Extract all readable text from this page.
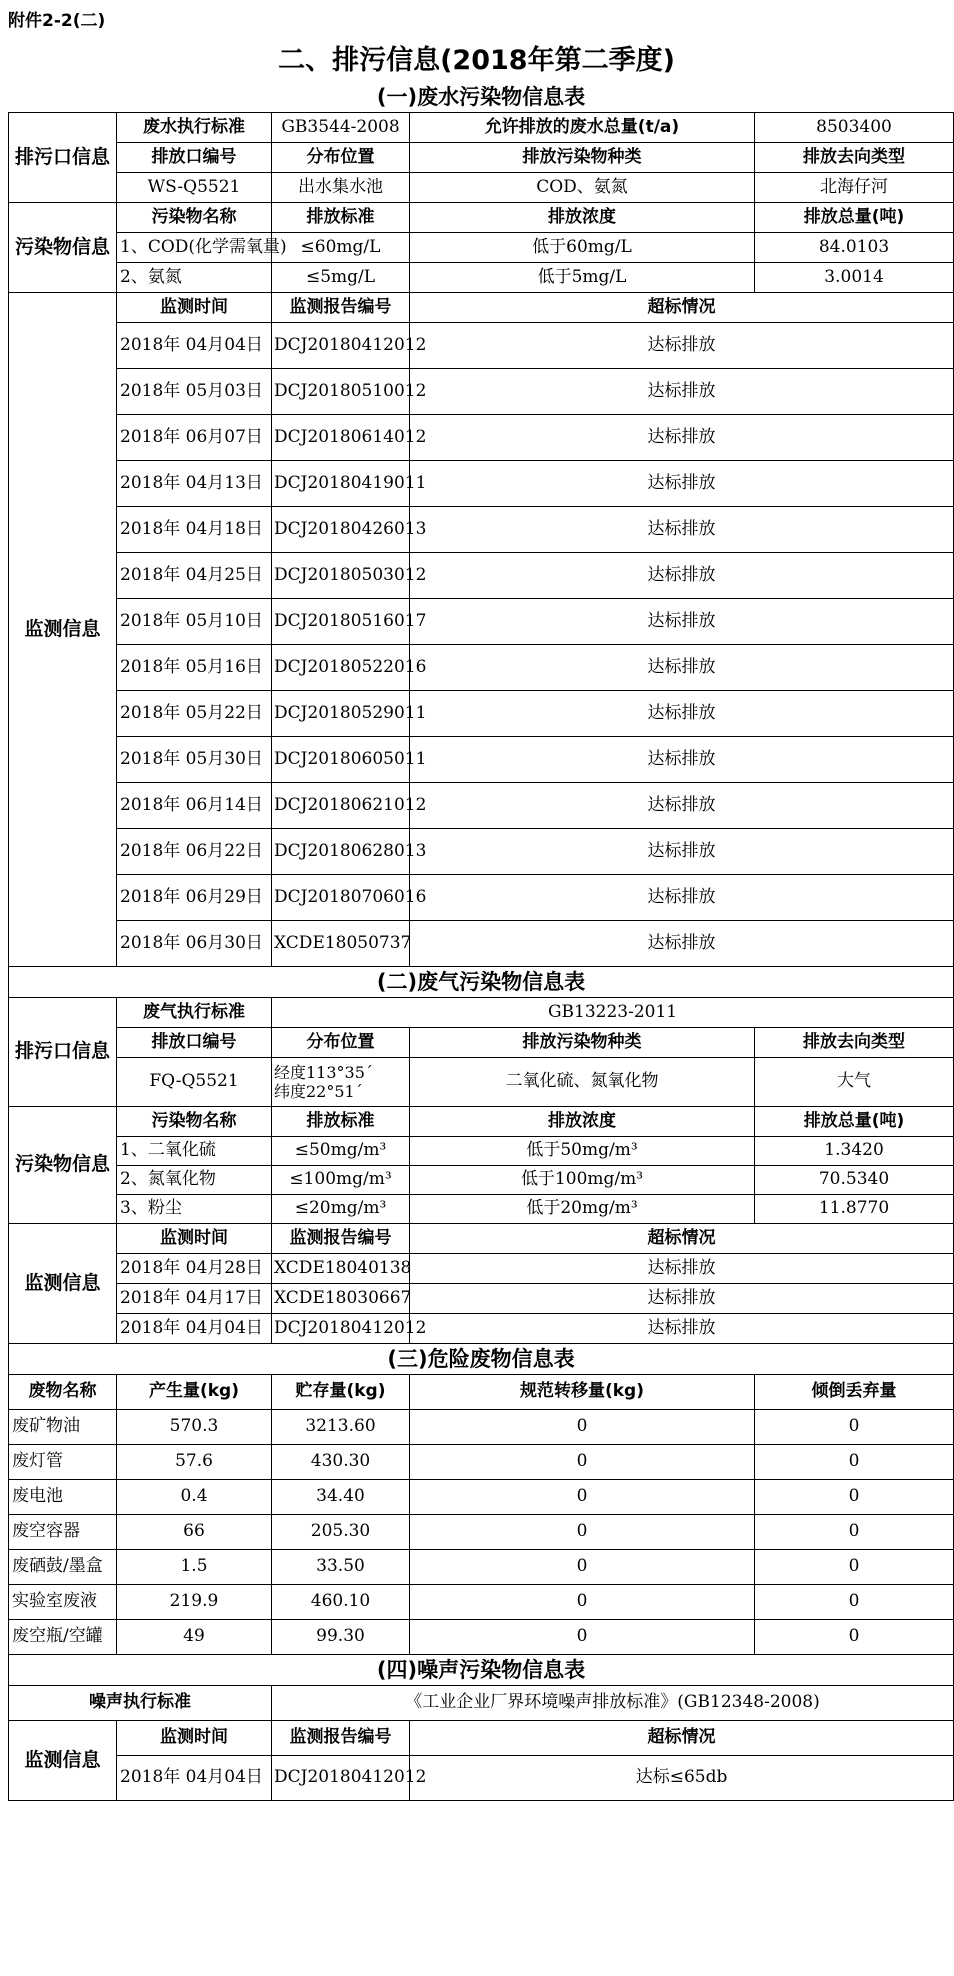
附件2-2(二)
二、排污信息(2018年第二季度)
(一)废水污染物信息表				
排污口信息	废水执行标准	GB3544-2008	允许排放的废水总量(t/a)	8503400
	排放口编号	分布位置	排放污染物种类	排放去向类型
	WS-Q5521	出水集水池	COD、氨氮	北海仔河
污染物信息	污染物名称	排放标准	排放浓度	排放总量(吨)
	1、COD(化学需氧量)	≤60mg/L	低于60mg/L	84.0103
	2、氨氮	≤5mg/L	低于5mg/L	3.0014
监测信息	监测时间	监测报告编号	超标情况	
	2018年 04月04日	DCJ20180412012	达标排放	
	2018年 05月03日	DCJ20180510012	达标排放	
	2018年 06月07日	DCJ20180614012	达标排放	
	2018年 04月13日	DCJ20180419011	达标排放	
	2018年 04月18日	DCJ20180426013	达标排放	
	2018年 04月25日	DCJ20180503012	达标排放	
	2018年 05月10日	DCJ20180516017	达标排放	
	2018年 05月16日	DCJ20180522016	达标排放	
	2018年 05月22日	DCJ20180529011	达标排放	
	2018年 05月30日	DCJ20180605011	达标排放	
	2018年 06月14日	DCJ20180621012	达标排放	
	2018年 06月22日	DCJ20180628013	达标排放	
	2018年 06月29日	DCJ20180706016	达标排放	
	2018年 06月30日	XCDE18050737	达标排放	
(二)废气污染物信息表				
排污口信息	废气执行标准	GB13223-2011		
	排放口编号	分布位置	排放污染物种类	排放去向类型
	FQ-Q5521	经度113°35´
纬度22°51´	二氧化硫、氮氧化物	大气
污染物信息	污染物名称	排放标准	排放浓度	排放总量(吨)
	1、二氧化硫	≤50mg/m³	低于50mg/m³	1.3420
	2、氮氧化物	≤100mg/m³	低于100mg/m³	70.5340
	3、粉尘	≤20mg/m³	低于20mg/m³	11.8770
监测信息	监测时间	监测报告编号	超标情况	
	2018年 04月28日	XCDE18040138	达标排放	
	2018年 04月17日	XCDE18030667	达标排放	
	2018年 04月04日	DCJ20180412012	达标排放	
(三)危险废物信息表				
废物名称	产生量(kg)	贮存量(kg)	规范转移量(kg)	倾倒丢弃量
废矿物油	570.3	3213.60	0	0
废灯管	57.6	430.30	0	0
废电池	0.4	34.40	0	0
废空容器	66	205.30	0	0
废硒鼓/墨盒	1.5	33.50	0	0
实验室废液	219.9	460.10	0	0
废空瓶/空罐	49	99.30	0	0
(四)噪声污染物信息表				
噪声执行标准		《工业企业厂界环境噪声排放标准》(GB12348-2008)		
监测信息	监测时间	监测报告编号	超标情况	
	2018年 04月04日	DCJ20180412012	达标≤65db	
